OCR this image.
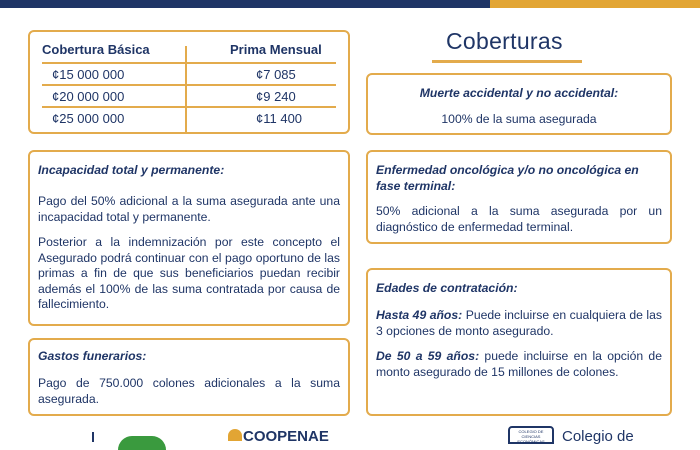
Cobertura Básica	Prima Mensual
¢15 000 000	¢7 085
¢20 000 000	¢9 240
¢25 000 000	¢11 400
Coberturas
Muerte accidental y no accidental:
100% de la suma asegurada
Incapacidad total y permanente:

Pago del 50% adicional a la suma asegurada ante una incapacidad total y permanente.

Posterior a la indemnización por este concepto el Asegurado podrá continuar con el pago oportuno de las primas a fin de que sus beneficiarios puedan recibir además el 100% de las suma contratada por causa de fallecimiento.

Enfermedad oncológica y/o no oncológica en fase terminal:

50% adicional a la suma asegurada por un diagnóstico de enfermedad terminal.

Gastos funerarios:

Pago de 750.000 colones adicionales a la suma asegurada.

Edades de contratación:

Hasta 49 años: Puede incluirse en cualquiera de las 3 opciones de monto asegurado.

De 50 a 59 años: puede incluirse en la opción de monto asegurado de 15 millones de colones.

COOPENAE	COLEGIO DE CIENCIAS ECONÓMICAS	Colegio de
